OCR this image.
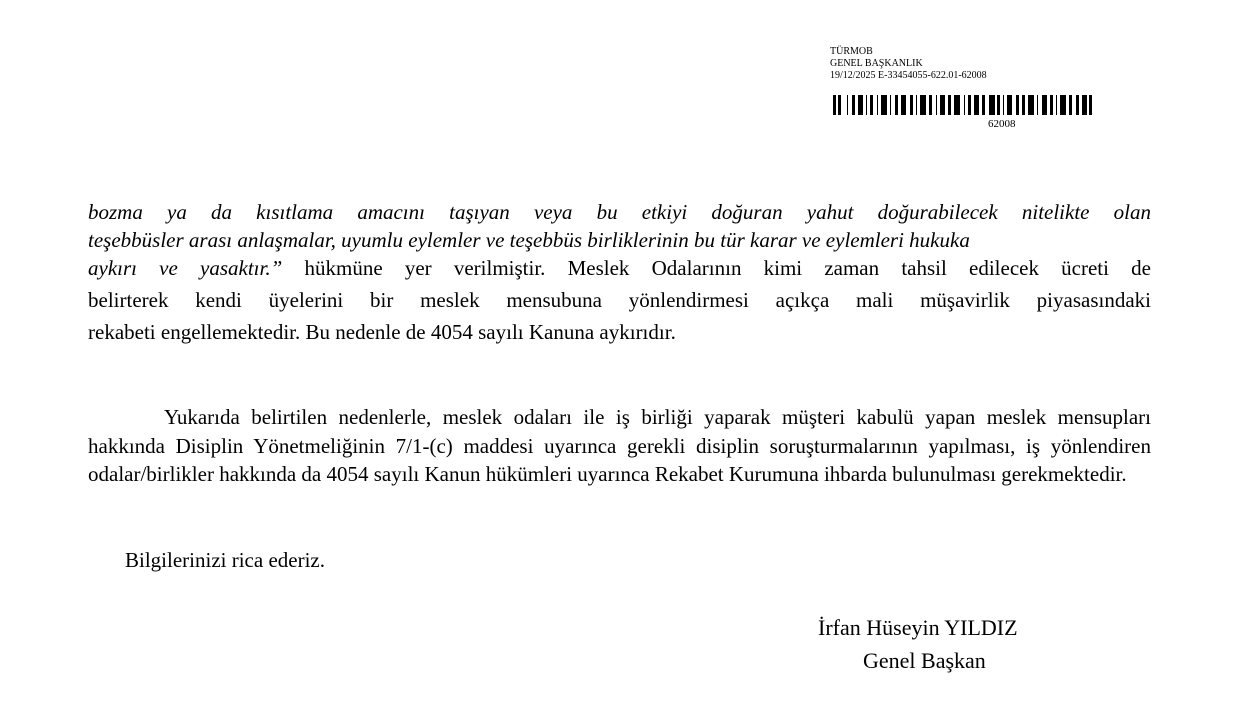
TÜRMOB
GENEL BAŞKANLIK
19/12/2025 E-33454055-622.01-62008
62008
bozma ya da kısıtlama amacını taşıyan veya bu etkiyi doğuran yahut doğurabilecek nitelikte olan
teşebbüsler arası anlaşmalar, uyumlu eylemler ve teşebbüs birliklerinin bu tür karar ve eylemleri hukuka
aykırı ve yasaktır.” hükmüne yer verilmiştir. Meslek Odalarının kimi zaman tahsil edilecek ücreti de
belirterek kendi üyelerini bir meslek mensubuna yönlendirmesi açıkça mali müşavirlik piyasasındaki
rekabeti engellemektedir. Bu nedenle de 4054 sayılı Kanuna aykırıdır.

Yukarıda belirtilen nedenlerle, meslek odaları ile iş birliği yaparak müşteri kabulü yapan meslek mensupları hakkında Disiplin Yönetmeliğinin 7/1-(c) maddesi uyarınca gerekli disiplin soruşturmalarının yapılması, iş yönlendiren odalar/birlikler hakkında da 4054 sayılı Kanun hükümleri uyarınca Rekabet Kurumuna ihbarda bulunulması gerekmektedir.

Bilgilerinizi rica ederiz.

İrfan Hüseyin YILDIZ
Genel Başkan
